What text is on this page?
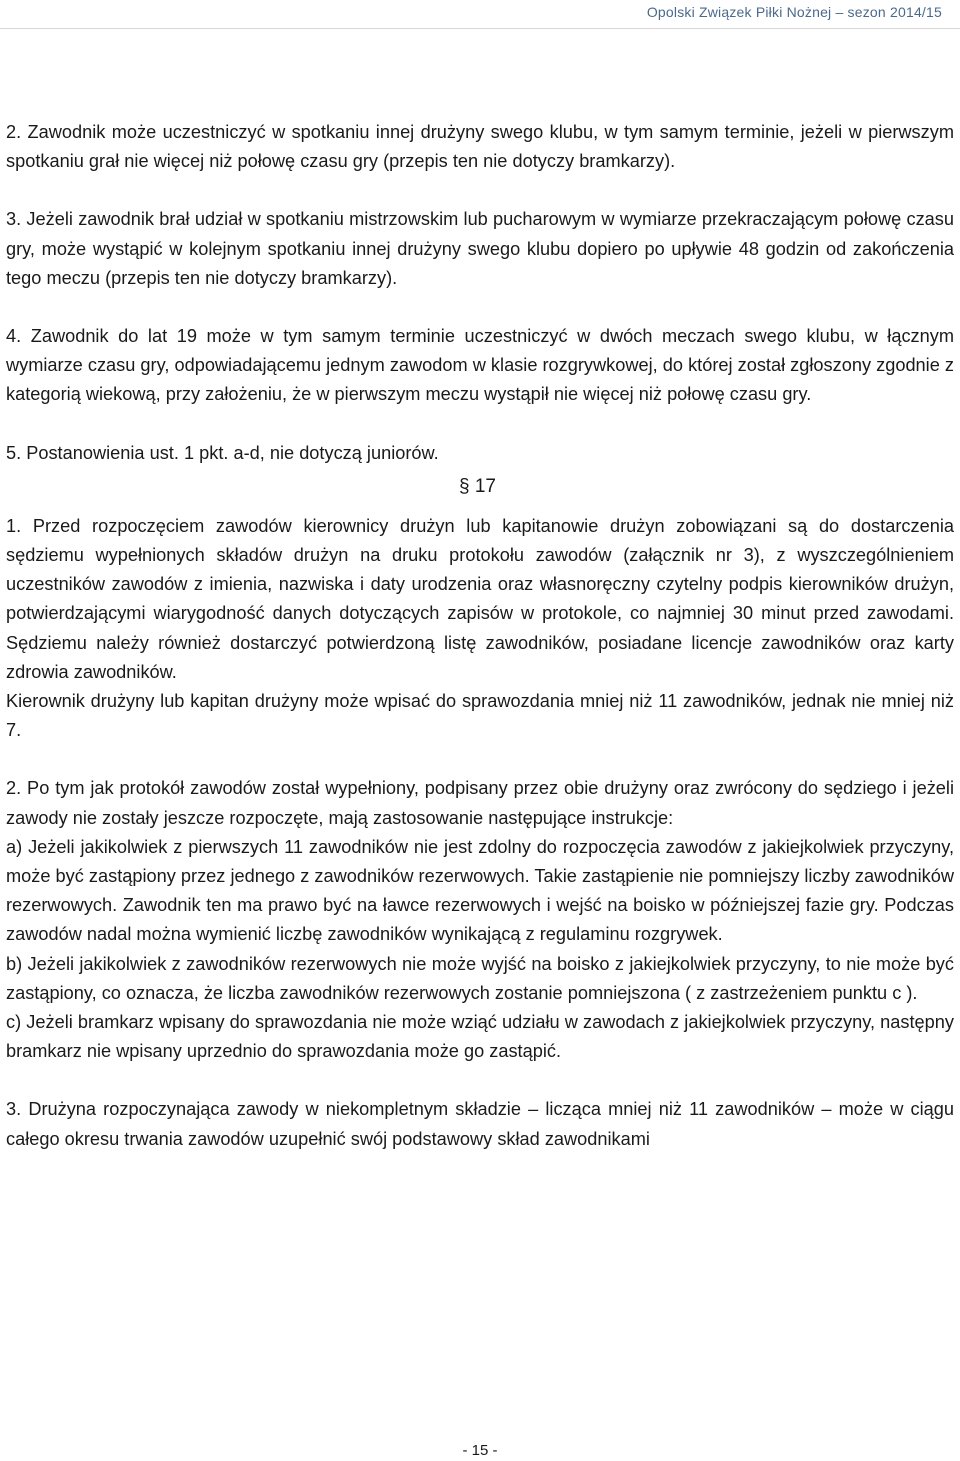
Opolski Związek Piłki Nożnej – sezon 2014/15

2. Zawodnik może uczestniczyć w spotkaniu innej drużyny swego klubu, w tym samym terminie, jeżeli w pierwszym spotkaniu grał nie więcej niż połowę czasu gry (przepis ten nie dotyczy bramkarzy).

3. Jeżeli zawodnik brał udział w spotkaniu mistrzowskim lub pucharowym w wymiarze przekraczającym połowę czasu gry, może wystąpić w kolejnym spotkaniu innej drużyny swego klubu dopiero po upływie 48 godzin od zakończenia tego meczu (przepis ten nie dotyczy bramkarzy).

4. Zawodnik do lat 19 może w tym samym terminie uczestniczyć w dwóch meczach swego klubu, w łącznym wymiarze czasu gry, odpowiadającemu jednym zawodom w klasie rozgrywkowej, do której został zgłoszony zgodnie z kategorią wiekową, przy założeniu, że w pierwszym meczu wystąpił nie więcej niż połowę czasu gry.

5. Postanowienia ust. 1 pkt. a-d, nie dotyczą juniorów.

§ 17

1. Przed rozpoczęciem zawodów kierownicy drużyn lub kapitanowie drużyn zobowiązani są do dostarczenia sędziemu wypełnionych składów drużyn na druku protokołu zawodów (załącznik nr 3), z wyszczególnieniem uczestników zawodów z imienia, nazwiska i daty urodzenia oraz własnoręczny czytelny podpis kierowników drużyn, potwierdzającymi wiarygodność danych dotyczących zapisów w protokole, co najmniej 30 minut przed zawodami. Sędziemu należy również dostarczyć potwierdzoną listę zawodników, posiadane licencje zawodników oraz karty zdrowia zawodników.

Kierownik drużyny lub kapitan drużyny może wpisać do sprawozdania mniej niż 11 zawodników, jednak nie mniej niż 7.

2. Po tym jak protokół zawodów został wypełniony, podpisany przez obie drużyny oraz zwrócony do sędziego i jeżeli zawody nie zostały jeszcze rozpoczęte, mają zastosowanie następujące instrukcje:

a) Jeżeli jakikolwiek z pierwszych 11 zawodników nie jest zdolny do rozpoczęcia zawodów z jakiejkolwiek przyczyny, może być zastąpiony przez jednego z zawodników rezerwowych. Takie zastąpienie nie pomniejszy liczby zawodników rezerwowych. Zawodnik ten ma prawo być na ławce rezerwowych i wejść na boisko w późniejszej fazie gry. Podczas zawodów nadal można wymienić liczbę zawodników wynikającą z regulaminu rozgrywek.

b) Jeżeli jakikolwiek z zawodników rezerwowych nie może wyjść na boisko z jakiejkolwiek przyczyny, to nie może być zastąpiony, co oznacza, że liczba zawodników rezerwowych zostanie pomniejszona ( z zastrzeżeniem punktu c ).

c) Jeżeli bramkarz wpisany do sprawozdania nie może wziąć udziału w zawodach z jakiejkolwiek przyczyny, następny bramkarz nie wpisany uprzednio do sprawozdania może go zastąpić.

3. Drużyna rozpoczynająca zawody w niekompletnym składzie – licząca mniej niż 11 zawodników – może w ciągu całego okresu trwania zawodów uzupełnić swój podstawowy skład zawodnikami

- 15 -
